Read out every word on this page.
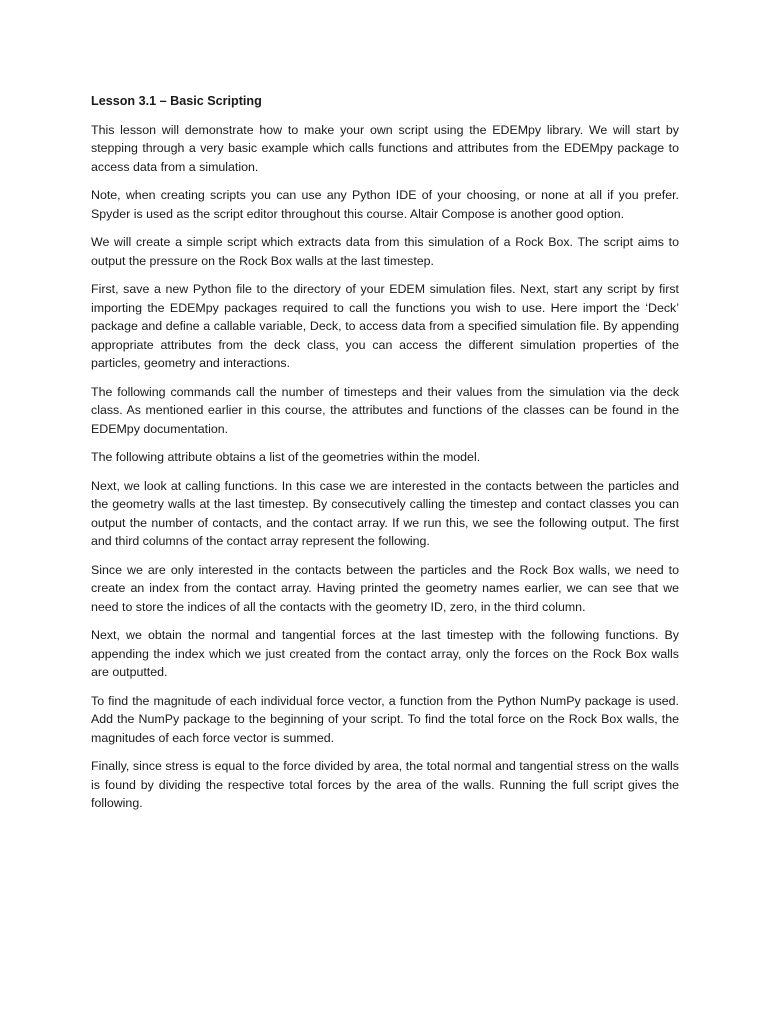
Lesson 3.1 – Basic Scripting

This lesson will demonstrate how to make your own script using the EDEMpy library. We will start by stepping through a very basic example which calls functions and attributes from the EDEMpy package to access data from a simulation.

Note, when creating scripts you can use any Python IDE of your choosing, or none at all if you prefer. Spyder is used as the script editor throughout this course. Altair Compose is another good option.

We will create a simple script which extracts data from this simulation of a Rock Box. The script aims to output the pressure on the Rock Box walls at the last timestep.

First, save a new Python file to the directory of your EDEM simulation files. Next, start any script by first importing the EDEMpy packages required to call the functions you wish to use. Here import the ‘Deck’ package and define a callable variable, Deck, to access data from a specified simulation file. By appending appropriate attributes from the deck class, you can access the different simulation properties of the particles, geometry and interactions.

The following commands call the number of timesteps and their values from the simulation via the deck class. As mentioned earlier in this course, the attributes and functions of the classes can be found in the EDEMpy documentation.

The following attribute obtains a list of the geometries within the model.

Next, we look at calling functions. In this case we are interested in the contacts between the particles and the geometry walls at the last timestep. By consecutively calling the timestep and contact classes you can output the number of contacts, and the contact array. If we run this, we see the following output. The first and third columns of the contact array represent the following.

Since we are only interested in the contacts between the particles and the Rock Box walls, we need to create an index from the contact array. Having printed the geometry names earlier, we can see that we need to store the indices of all the contacts with the geometry ID, zero, in the third column.

Next, we obtain the normal and tangential forces at the last timestep with the following functions. By appending the index which we just created from the contact array, only the forces on the Rock Box walls are outputted.

To find the magnitude of each individual force vector, a function from the Python NumPy package is used. Add the NumPy package to the beginning of your script. To find the total force on the Rock Box walls, the magnitudes of each force vector is summed.

Finally, since stress is equal to the force divided by area, the total normal and tangential stress on the walls is found by dividing the respective total forces by the area of the walls. Running the full script gives the following.
